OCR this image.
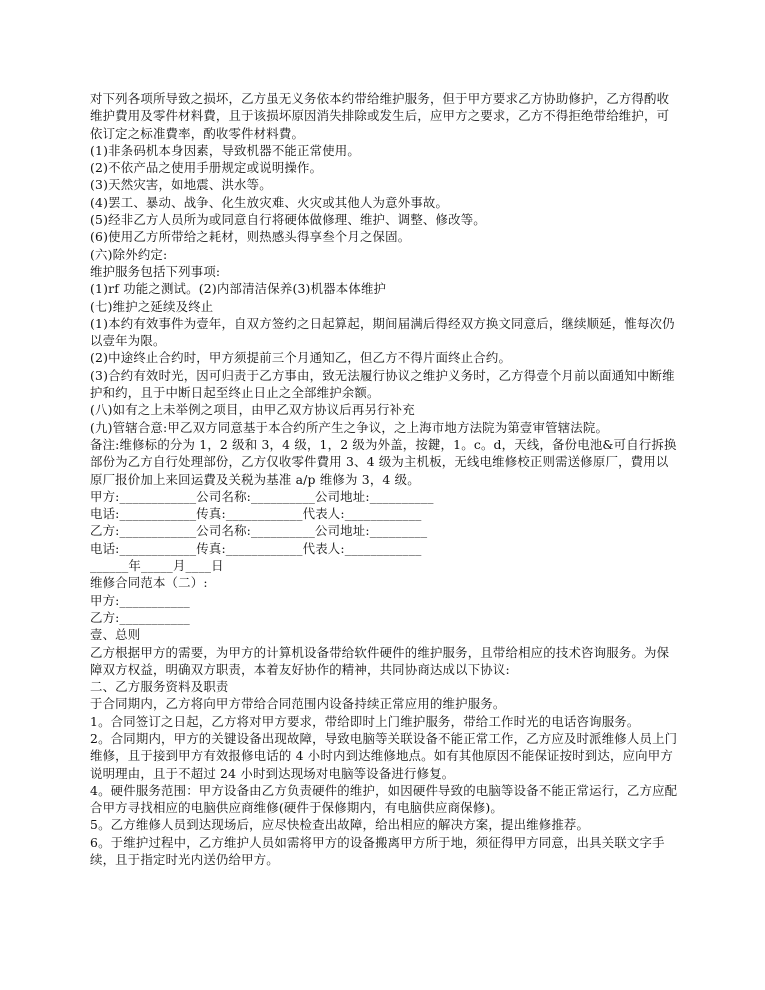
对下列各项所导致之损坏，乙方虽无义务依本约带给维护服务，但于甲方要求乙方协助修护，乙方得酌收维护費用及零件材料費，且于该损坏原因消失排除或发生后，应甲方之要求，乙方不得拒绝带给维护，可依订定之标准費率，酌收零件材料費。

(1)非条码机本身因素，导致机器不能正常使用。

(2)不依产品之使用手册规定或说明操作。

(3)天然灾害，如地震、洪水等。

(4)罢工、暴动、战争、化生放灾难、火灾或其他人为意外事故。

(5)经非乙方人员所为或同意自行将硬体做修理、维护、调整、修改等。

(6)使用乙方所带给之耗材，则热感头得享叁个月之保固。

(六)除外约定:

维护服务包括下列事项:

(1)rf 功能之测试。(2)内部清洁保养(3)机器本体维护

(七)维护之延续及终止

(1)本约有效事件为壹年，自双方签约之日起算起，期间届满后得经双方换文同意后，继续顺延，惟每次仍以壹年为限。

(2)中途终止合约时，甲方须提前三个月通知乙，但乙方不得片面终止合约。

(3)合约有效时光，因可归责于乙方事由，致无法履行协议之维护义务时，乙方得壹个月前以面通知中断维护和约，且于中断日起至终止日止之全部维护余额。

(八)如有之上未举例之项目，由甲乙双方协议后再另行补充

(九)管辖合意:甲乙双方同意基于本合约所产生之争议，之上海市地方法院为第壹审管辖法院。

备注:维修标的分为 1，2 级和 3，4 级，1，2 级为外盖，按鍵，1。c。d，天线，备份电池&可自行拆换部份为乙方自行处理部份，乙方仅收零件費用 3、4 级为主机板，无线电维修校正则需送修原厂，費用以原厂报价加上来回运費及关税为基准 a/p 维修为 3，4 级。

甲方:____________公司名称:__________公司地址:__________

电话:____________传真:____________代表人:____________

乙方:____________公司名称:__________公司地址:_________

电话:____________传真:____________代表人:____________

______年_____月____日

维修合同范本（二）:

甲方:___________

乙方:___________

壹、总则

乙方根据甲方的需要，为甲方的计算机设备带给软件硬件的维护服务，且带给相应的技术咨询服务。为保障双方权益，明确双方职责，本着友好协作的精神，共同协商达成以下协议:

二、乙方服务资料及职责

于合同期内，乙方将向甲方带给合同范围内设备持续正常应用的维护服务。

1。合同签订之日起，乙方将对甲方要求，带给即时上门维护服务，带给工作时光的电话咨询服务。

2。合同期内，甲方的关键设备出现故障，导致电脑等关联设备不能正常工作，乙方应及时派维修人员上门维修，且于接到甲方有效报修电话的 4 小时内到达维修地点。如有其他原因不能保证按时到达，应向甲方说明理由，且于不超过 24 小时到达现场对电脑等设备进行修复。

4。硬件服务范围：甲方设备由乙方负责硬件的维护，如因硬件导致的电脑等设备不能正常运行，乙方应配合甲方寻找相应的电脑供应商维修(硬件于保修期内，有电脑供应商保修)。

5。乙方维修人员到达现场后，应尽快检查出故障，给出相应的解决方案，提出维修推荐。

6。于维护过程中，乙方维护人员如需将甲方的设备搬离甲方所于地，须征得甲方同意，出具关联文字手续，且于指定时光内送仍给甲方。
